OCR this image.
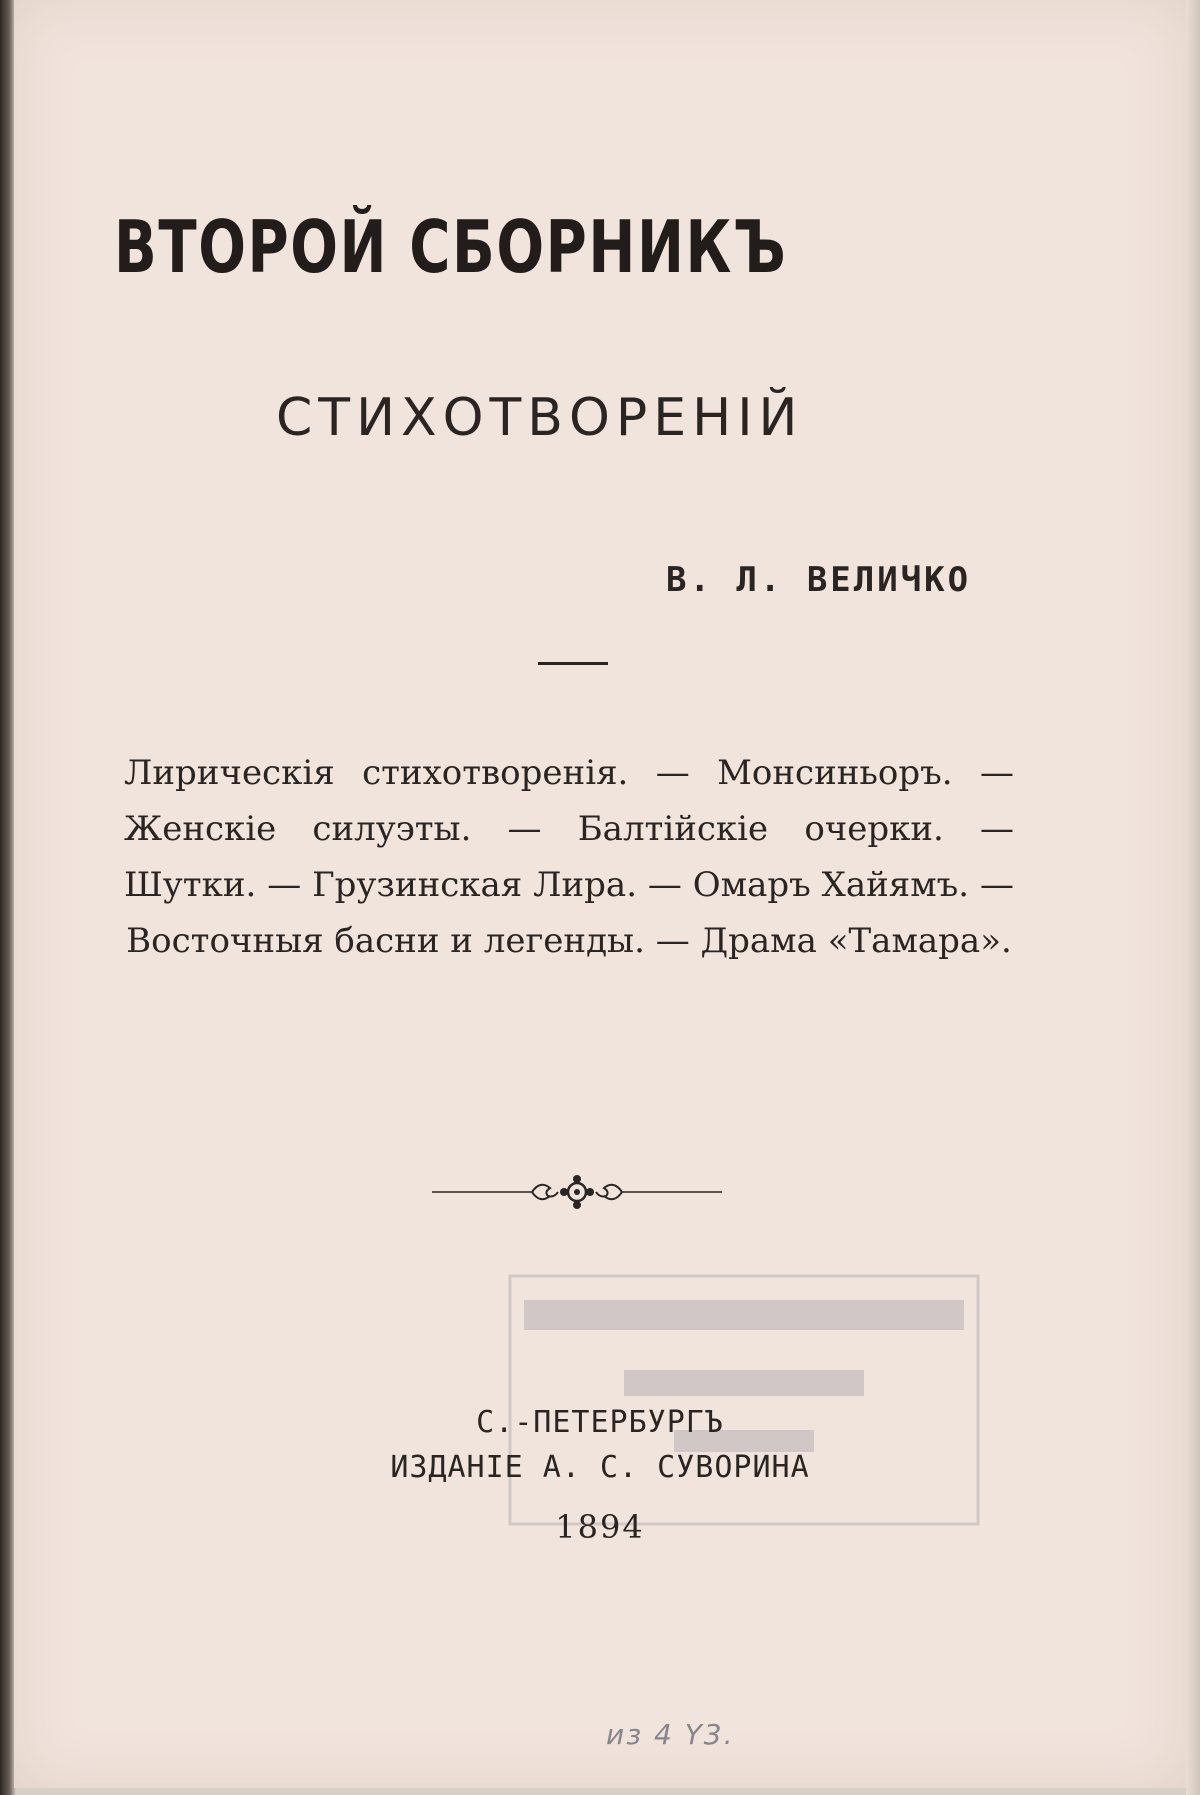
ВТОРОЙ СБОРНИКЪ
СТИХОТВОРЕНІЙ
В. Л. ВЕЛИЧКО
Лирическія стихотворенія. — Монсиньоръ. — Женскіе силуэты. — Балтійскіе очерки. — Шутки. — Грузинская Лира. — Омаръ Хайямъ. — Восточныя басни и легенды. — Драма «Тамара».
С.-ПЕТЕРБУРГЪ
ИЗДАНІЕ А. С. СУВОРИНА
1894
из 4 Y3.
